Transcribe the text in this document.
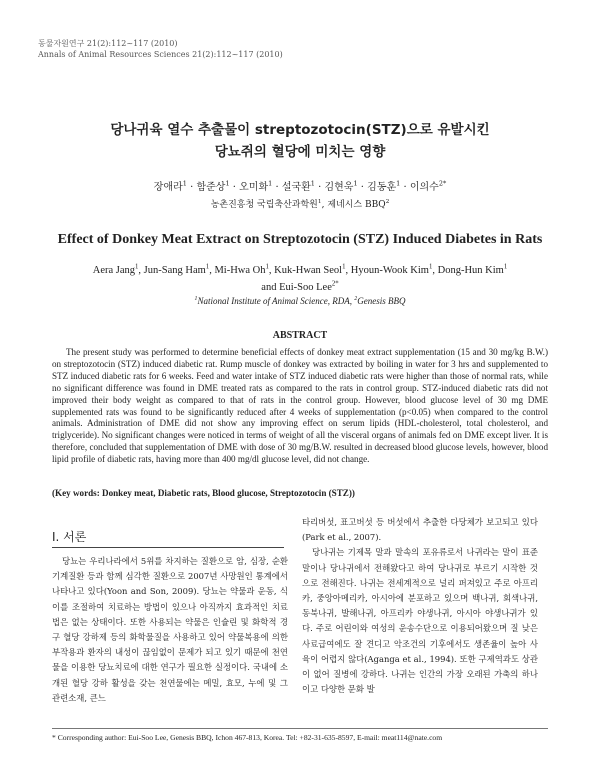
동물자원연구 21(2):112~117 (2010)
Annals of Animal Resources Sciences 21(2):112~117 (2010)
당나귀육 열수 추출물이 streptozotocin(STZ)으로 유발시킨
당뇨쥐의 혈당에 미치는 영향
장애라$^1$ · 함준상$^1$ · 오미화$^1$ · 설국환$^1$ · 김현욱$^1$ · 김동훈$^1$ · 이의수$^{2*}$
농촌진흥청 국립축산과학원$^1$, 제네시스 BBQ$^2$
Effect of Donkey Meat Extract on Streptozotocin (STZ) Induced Diabetes in Rats
Aera Jang$^1$, Jun-Sang Ham$^1$, Mi-Hwa Oh$^1$, Kuk-Hwan Seol$^1$, Hyoun-Wook Kim$^1$, Dong-Hun Kim$^1$
and Eui-Soo Lee$^{2*}$
$^1$National Institute of Animal Science, RDA, $^2$Genesis BBQ
ABSTRACT
The present study was performed to determine beneficial effects of donkey meat extract supplementation (15 and 30 mg/kg B.W.) on streptozotocin (STZ) induced diabetic rat. Rump muscle of donkey was extracted by boiling in water for 3 hrs and supplemented to STZ induced diabetic rats for 6 weeks. Feed and water intake of STZ induced diabetic rats were higher than those of normal rats, while no significant difference was found in DME treated rats as compared to the rats in control group. STZ-induced diabetic rats did not improved their body weight as compared to that of rats in the control group. However, blood glucose level of 30 mg DME supplemented rats was found to be significantly reduced after 4 weeks of supplementation (p<0.05) when compared to the control animals. Administration of DME did not show any improving effect on serum lipids (HDL-cholesterol, total cholesterol, and triglyceride). No significant changes were noticed in terms of weight of all the visceral organs of animals fed on DME except liver. It is therefore, concluded that supplementation of DME with dose of 30 mg/B.W. resulted in decreased blood glucose levels, however, blood lipid profile of diabetic rats, having more than 400 mg/dl glucose level, did not change.
(Key words: Donkey meat, Diabetic rats, Blood glucose, Streptozotocin (STZ))
I. 서론

당뇨는 우리나라에서 5위를 차지하는 질환으로 암, 심장, 순환기계질환 등과 함께 심각한 질환으로 2007년 사망원인 통계에서 나타나고 있다(Yoon and Son, 2009). 당뇨는 약물과 운동, 식이를 조절하여 치료하는 방법이 있으나 아직까지 효과적인 치료법은 없는 상태이다. 또한 사용되는 약물은 인슐린 및 화학적 경구 혈당 강하제 등의 화학물질을 사용하고 있어 약물복용에 의한 부작용과 환자의 내성이 끊임없이 문제가 되고 있기 때문에 천연물을 이용한 당뇨치료에 대한 연구가 필요한 실정이다. 국내에 소개된 혈당 강하 활성을 갖는 천연물에는 메밀, 효모, 누에 및 그 관련소재, 큰느

타리버섯, 표고버섯 등 버섯에서 추출한 다당체가 보고되고 있다(Park et al., 2007).

당나귀는 기제목 말과 말속의 포유류로서 나귀라는 말이 표준말이나 당나귀에서 전해왔다고 하여 당나귀로 부르기 시작한 것으로 전해진다. 나귀는 전세계적으로 널리 퍼져있고 주로 아프리카, 중앙아메리카, 아시아에 분포하고 있으며 백나귀, 회색나귀, 동북나귀, 발해나귀, 아프리카 야생나귀, 아시아 야생나귀가 있다. 주로 어린이와 여성의 운송수단으로 이용되어왔으며 질 낮은 사료급여에도 잘 견디고 악조건의 기후에서도 생존율이 높아 사육이 어렵지 않다(Aganga et al., 1994). 또한 구제역과도 상관이 없어 질병에 강하다. 나귀는 인간의 가장 오래된 가축의 하나이고 다양한 문화 발

* Corresponding author: Eui-Soo Lee, Genesis BBQ, Ichon 467-813, Korea. Tel: +82-31-635-8597, E-mail: meat114@nate.com
